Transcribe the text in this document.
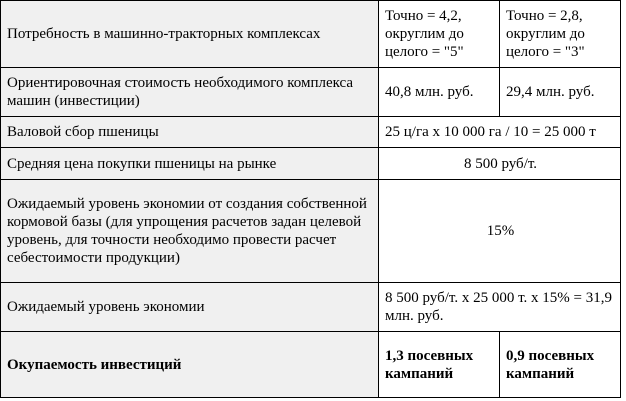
Потребность в машинно-тракторных комплексах	Точно = 4,2, округлим до целого = "5"	Точно = 2,8, округлим до целого = "3"
Ориентировочная стоимость необходимого комплекса машин (инвестиции)	40,8 млн. руб.	29,4 млн. руб.
Валовой сбор пшеницы	25 ц/га х 10 000 га / 10 = 25 000 т	
Средняя цена покупки пшеницы на рынке	8 500 руб/т.	
Ожидаемый уровень экономии от создания собственной кормовой базы (для упрощения расчетов задан целевой уровень, для точности необходимо провести расчет себестоимости продукции)	15%	
Ожидаемый уровень экономии	8 500 руб/т. х 25 000 т. х 15% = 31,9 млн. руб.	
Окупаемость инвестиций	1,3 посевных кампаний	0,9 посевных кампаний
